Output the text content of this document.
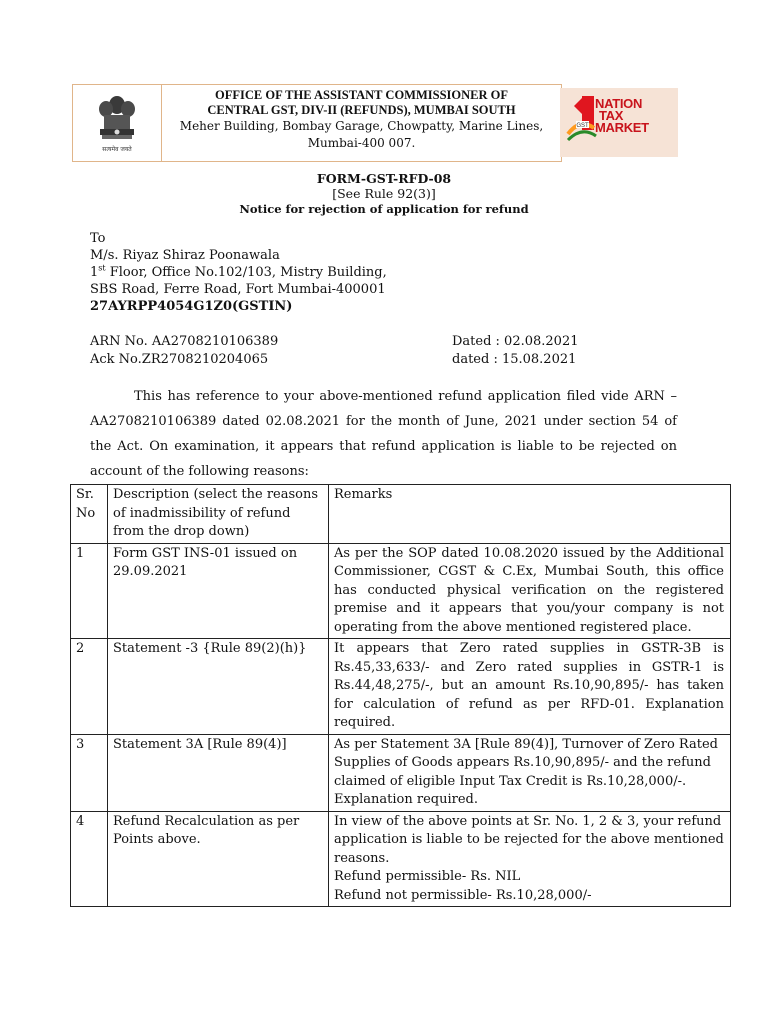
सत्यमेव जयते
OFFICE OF THE ASSISTANT COMMISSIONER OF
CENTRAL GST, DIV-II (REFUNDS), MUMBAI SOUTH
Meher Building, Bombay Garage, Chowpatty, Marine Lines,
Mumbai-400 007.
GST
NATION
TAX
MARKET
FORM-GST-RFD-08
[See Rule 92(3)]
Notice for rejection of application for refund
To
M/s. Riyaz Shiraz Poonawala
1st Floor, Office No.102/103, Mistry Building,
SBS Road, Ferre Road, Fort Mumbai-400001
27AYRPP4054G1Z0(GSTIN)
ARN No. AA2708210106389	Dated : 02.08.2021
Ack No.ZR2708210204065	dated : 15.08.2021
This has reference to your above-mentioned refund application filed vide ARN – AA2708210106389 dated 02.08.2021 for the month of June, 2021 under section 54 of the Act. On examination, it appears that refund application is liable to be rejected on account of the following reasons:
Sr. No	Description (select the reasons of inadmissibility of refund from the drop down)	Remarks
1	Form GST INS-01 issued on 29.09.2021	As per the SOP dated 10.08.2020 issued by the Additional Commissioner, CGST & C.Ex, Mumbai South, this office has conducted physical verification on the registered premise and it appears that you/your company is not operating from the above mentioned registered place.
2	Statement -3 {Rule 89(2)(h)}	It appears that Zero rated supplies in GSTR-3B is Rs.45,33,633/- and Zero rated supplies in GSTR-1 is Rs.44,48,275/-, but an amount Rs.10,90,895/- has taken for calculation of refund as per RFD-01. Explanation required.
3	Statement 3A [Rule 89(4)]	As per Statement 3A [Rule 89(4)], Turnover of Zero Rated Supplies of Goods appears Rs.10,90,895/- and the refund claimed of eligible Input Tax Credit is Rs.10,28,000/-. Explanation required.
4	Refund Recalculation as per Points above.	In view of the above points at Sr. No. 1, 2 & 3, your refund application is liable to be rejected for the above mentioned reasons.
Refund permissible- Rs. NIL
Refund not permissible- Rs.10,28,000/-
